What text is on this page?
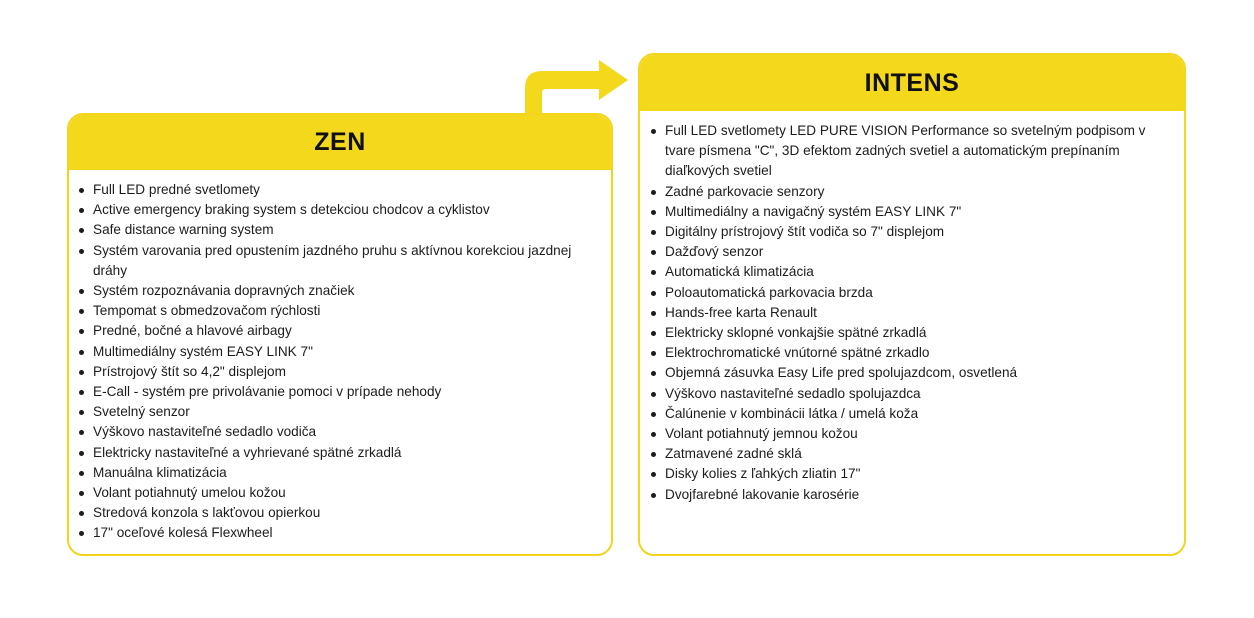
ZEN
Full LED predné svetlomety
Active emergency braking system s detekciou chodcov a cyklistov
Safe distance warning system
Systém varovania pred opustením jazdného pruhu s aktívnou korekciou jazdnej dráhy
Systém rozpoznávania dopravných značiek
Tempomat s obmedzovačom rýchlosti
Predné, bočné a hlavové airbagy
Multimediálny systém EASY LINK 7"
Prístrojový štít so 4,2" displejom
E-Call - systém pre privolávanie pomoci v prípade nehody
Svetelný senzor
Výškovo nastaviteľné sedadlo vodiča
Elektricky nastaviteľné a vyhrievané spätné zrkadlá
Manuálna klimatizácia
Volant potiahnutý umelou kožou
Stredová konzola s lakťovou opierkou
17" oceľové kolesá Flexwheel
INTENS
Full LED svetlomety LED PURE VISION Performance so svetelným podpisom v tvare písmena "C", 3D efektom zadných svetiel a automatickým prepínaním diaľkových svetiel
Zadné parkovacie senzory
Multimediálny a navigačný systém EASY LINK 7"
Digitálny prístrojový štít vodiča so 7" displejom
Dažďový senzor
Automatická klimatizácia
Poloautomatická parkovacia brzda
Hands-free karta Renault
Elektricky sklopné vonkajšie spätné zrkadlá
Elektrochromatické vnútorné spätné zrkadlo
Objemná zásuvka Easy Life pred spolujazdcom, osvetlená
Výškovo nastaviteľné sedadlo spolujazdca
Čalúnenie v kombinácii látka / umelá koža
Volant potiahnutý jemnou kožou
Zatmavené zadné sklá
Disky kolies z ľahkých zliatin 17"
Dvojfarebné lakovanie karosérie
